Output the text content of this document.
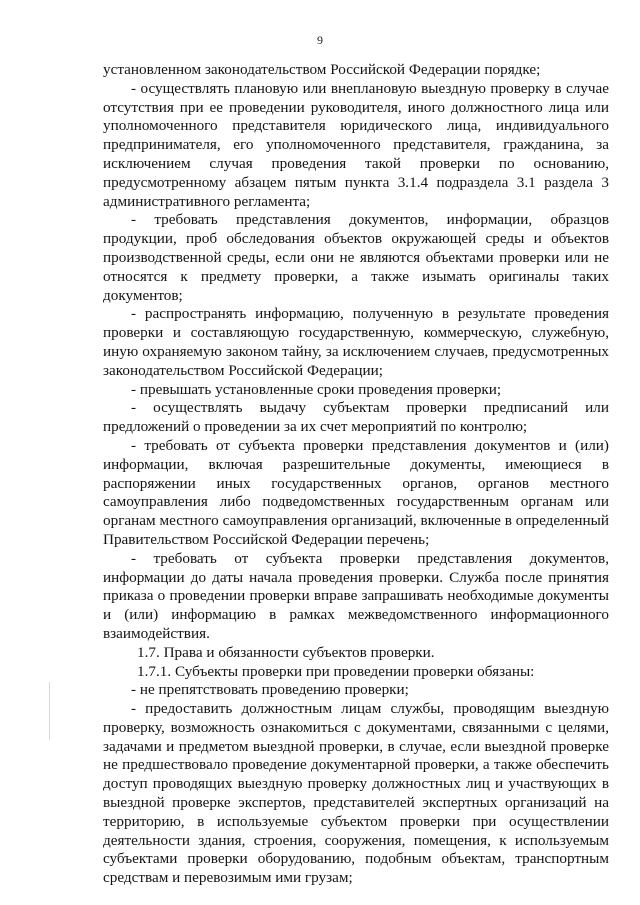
9

установленном законодательством Российской Федерации порядке;

- осуществлять плановую или внеплановую выездную проверку в случае отсутствия при ее проведении руководителя, иного должностного лица или уполномоченного представителя юридического лица, индивидуального предпринимателя, его уполномоченного представителя, гражданина, за исключением случая проведения такой проверки по основанию, предусмотренному абзацем пятым пункта 3.1.4 подраздела 3.1 раздела 3 административного регламента;

- требовать представления документов, информации, образцов продукции, проб обследования объектов окружающей среды и объектов производственной среды, если они не являются объектами проверки или не относятся к предмету проверки, а также изымать оригиналы таких документов;

- распространять информацию, полученную в результате проведения проверки и составляющую государственную, коммерческую, служебную, иную охраняемую законом тайну, за исключением случаев, предусмотренных законодательством Российской Федерации;

- превышать установленные сроки проведения проверки;

- осуществлять выдачу субъектам проверки предписаний или предложений о проведении за их счет мероприятий по контролю;

- требовать от субъекта проверки представления документов и (или) информации, включая разрешительные документы, имеющиеся в распоряжении иных государственных органов, органов местного самоуправления либо подведомственных государственным органам или органам местного самоуправления организаций, включенные в определенный Правительством Российской Федерации перечень;

- требовать от субъекта проверки представления документов, информации до даты начала проведения проверки. Служба после принятия приказа о проведении проверки вправе запрашивать необходимые документы и (или) информацию в рамках межведомственного информационного взаимодействия.

1.7. Права и обязанности субъектов проверки.

1.7.1. Субъекты проверки при проведении проверки обязаны:

- не препятствовать проведению проверки;

- предоставить должностным лицам службы, проводящим выездную проверку, возможность ознакомиться с документами, связанными с целями, задачами и предметом выездной проверки, в случае, если выездной проверке не предшествовало проведение документарной проверки, а также обеспечить доступ проводящих выездную проверку должностных лиц и участвующих в выездной проверке экспертов, представителей экспертных организаций на территорию, в используемые субъектом проверки при осуществлении деятельности здания, строения, сооружения, помещения, к используемым субъектами проверки оборудованию, подобным объектам, транспортным средствам и перевозимым ими грузам;
